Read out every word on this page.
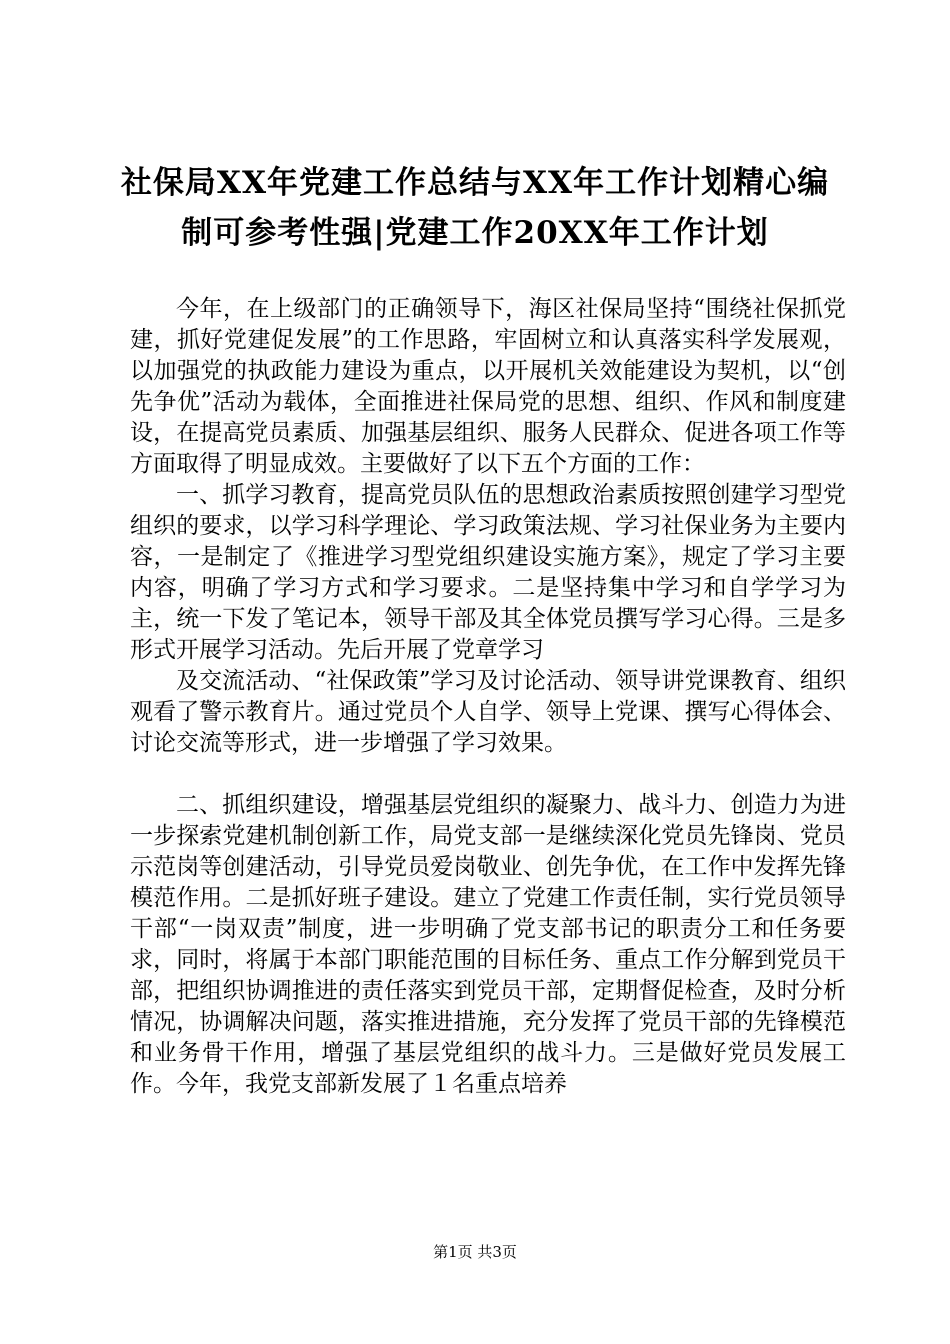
社保局XX年党建工作总结与XX年工作计划精心编制可参考性强|党建工作20XX年工作计划

今年，在上级部门的正确领导下，海区社保局坚持“围绕社保抓党建，抓好党建促发展”的工作思路，牢固树立和认真落实科学发展观，以加强党的执政能力建设为重点，以开展机关效能建设为契机，以“创先争优”活动为载体，全面推进社保局党的思想、组织、作风和制度建设，在提高党员素质、加强基层组织、服务人民群众、促进各项工作等方面取得了明显成效。主要做好了以下五个方面的工作：

一、抓学习教育，提高党员队伍的思想政治素质按照创建学习型党组织的要求，以学习科学理论、学习政策法规、学习社保业务为主要内容，一是制定了《推进学习型党组织建设实施方案》，规定了学习主要内容，明确了学习方式和学习要求。二是坚持集中学习和自学学习为主，统一下发了笔记本，领导干部及其全体党员撰写学习心得。三是多形式开展学习活动。先后开展了党章学习

及交流活动、“社保政策”学习及讨论活动、领导讲党课教育、组织观看了警示教育片。通过党员个人自学、领导上党课、撰写心得体会、讨论交流等形式，进一步增强了学习效果。

二、抓组织建设，增强基层党组织的凝聚力、战斗力、创造力为进一步探索党建机制创新工作，局党支部一是继续深化党员先锋岗、党员示范岗等创建活动，引导党员爱岗敬业、创先争优，在工作中发挥先锋模范作用。二是抓好班子建设。建立了党建工作责任制，实行党员领导干部“一岗双责”制度，进一步明确了党支部书记的职责分工和任务要求，同时，将属于本部门职能范围的目标任务、重点工作分解到党员干部，把组织协调推进的责任落实到党员干部，定期督促检查，及时分析情况，协调解决问题，落实推进措施，充分发挥了党员干部的先锋模范和业务骨干作用，增强了基层党组织的战斗力。三是做好党员发展工作。今年，我党支部新发展了１名重点培养

第1页 共3页
